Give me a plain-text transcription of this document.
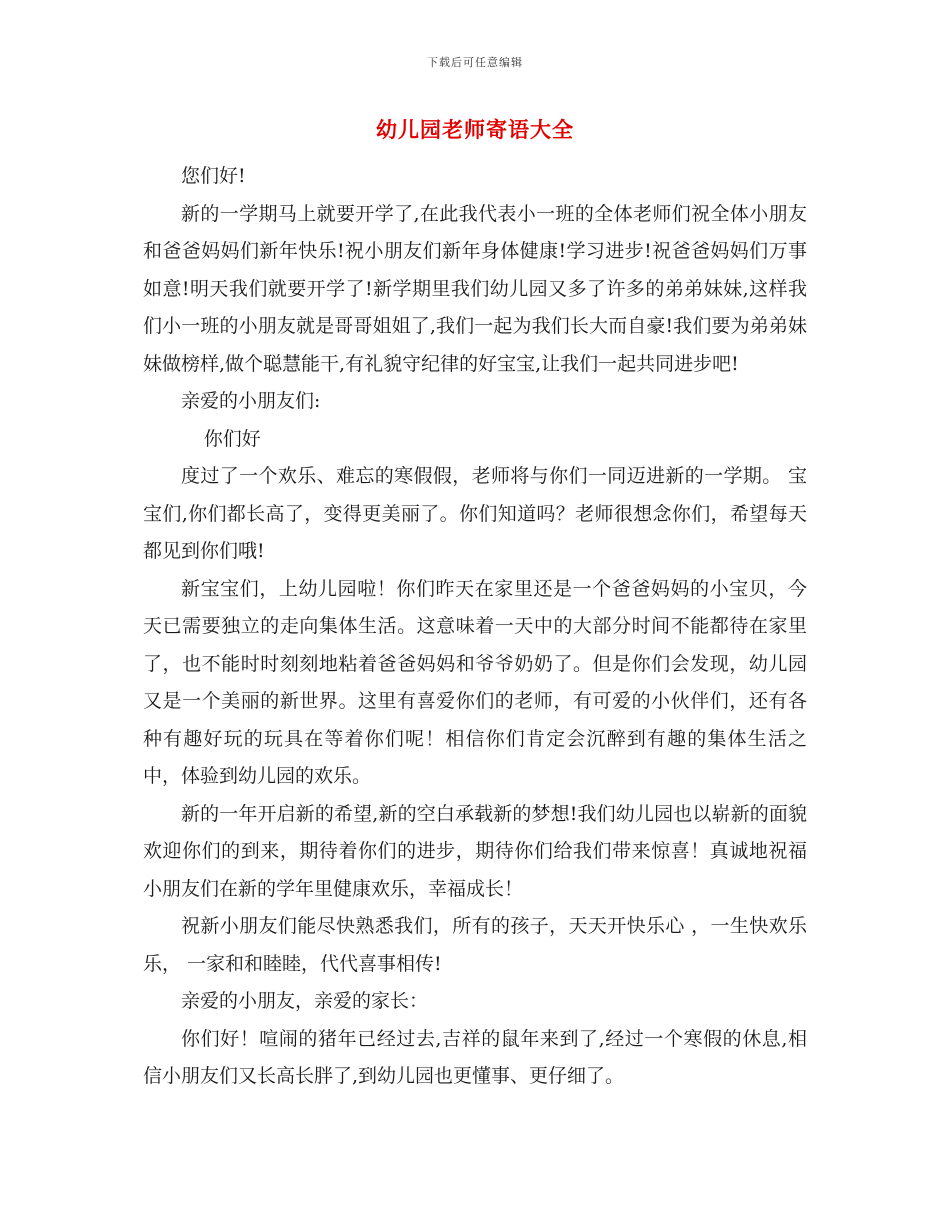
下载后可任意编辑
幼儿园老师寄语大全

您们好!

新的一学期马上就要开学了,在此我代表小一班的全体老师们祝全体小朋友和爸爸妈妈们新年快乐!祝小朋友们新年身体健康!学习进步!祝爸爸妈妈们万事如意!明天我们就要开学了!新学期里我们幼儿园又多了许多的弟弟妹妹,这样我们小一班的小朋友就是哥哥姐姐了,我们一起为我们长大而自豪!我们要为弟弟妹妹做榜样,做个聪慧能干,有礼貌守纪律的好宝宝,让我们一起共同进步吧!

亲爱的小朋友们:

你们好

度过了一个欢乐、难忘的寒假假，老师将与你们一同迈进新的一学期。 宝宝们,你们都长高了，变得更美丽了。你们知道吗？老师很想念你们，希望每天都见到你们哦!

新宝宝们，上幼儿园啦！你们昨天在家里还是一个爸爸妈妈的小宝贝，今天已需要独立的走向集体生活。这意味着一天中的大部分时间不能都待在家里了，也不能时时刻刻地粘着爸爸妈妈和爷爷奶奶了。但是你们会发现，幼儿园又是一个美丽的新世界。这里有喜爱你们的老师，有可爱的小伙伴们，还有各种有趣好玩的玩具在等着你们呢！相信你们肯定会沉醉到有趣的集体生活之中，体验到幼儿园的欢乐。

新的一年开启新的希望,新的空白承载新的梦想!我们幼儿园也以崭新的面貌欢迎你们的到来，期待着你们的进步，期待你们给我们带来惊喜！真诚地祝福小朋友们在新的学年里健康欢乐，幸福成长！

祝新小朋友们能尽快熟悉我们，所有的孩子，天天开快乐心 ，一生快欢乐乐， 一家和和睦睦，代代喜事相传!

亲爱的小朋友，亲爱的家长：

你们好！喧闹的猪年已经过去,吉祥的鼠年来到了,经过一个寒假的休息,相信小朋友们又长高长胖了,到幼儿园也更懂事、更仔细了。
